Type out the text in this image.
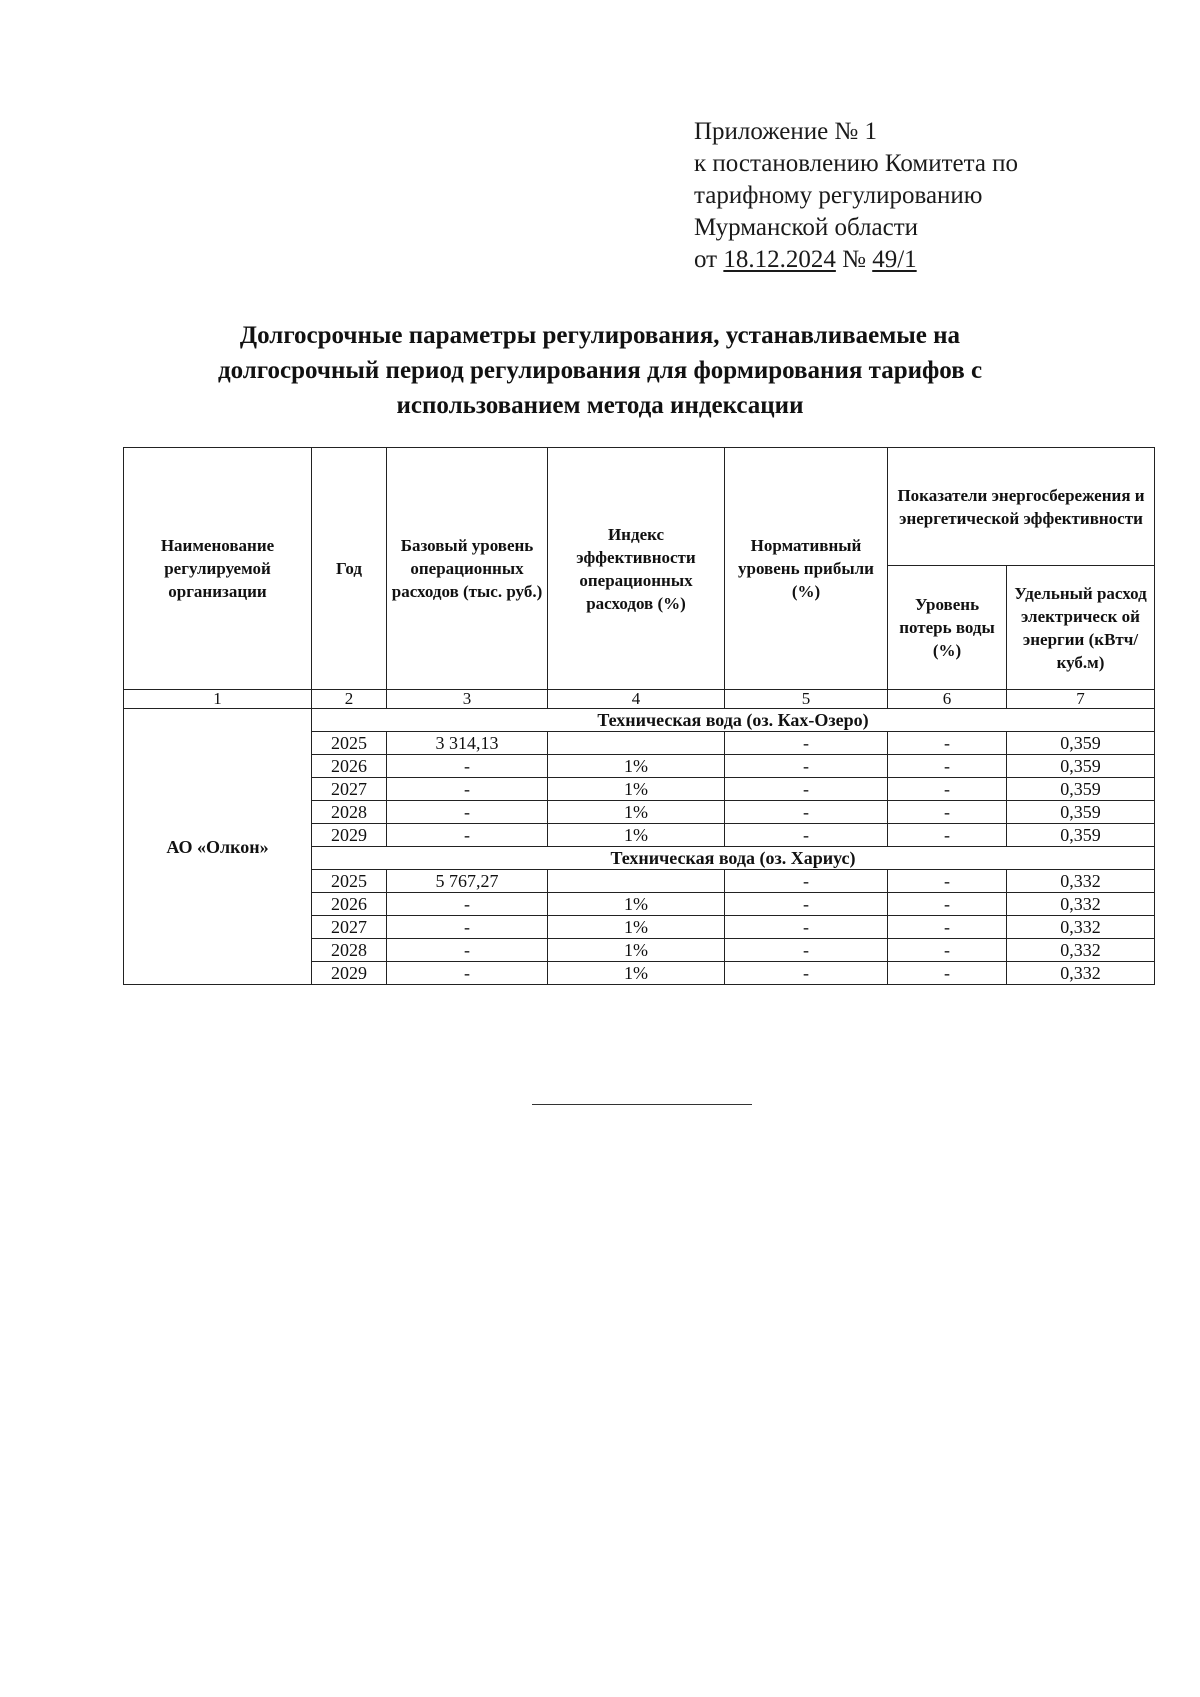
Приложение № 1
к постановлению Комитета по
тарифному регулированию
Мурманской области
от 18.12.2024 № 49/1
Долгосрочные параметры регулирования, устанавливаемые на
долгосрочный период регулирования для формирования тарифов с
использованием метода индексации
Наименование регулируемой организации	Год	Базовый уровень операционных расходов (тыс. руб.)	Индекс эффективности операционных расходов (%)	Нормативный уровень прибыли (%)	Показатели энергосбережения и энергетической эффективности	
					Уровень потерь воды (%)	Удельный расход электрическ ой энергии (кВтч/куб.м)
1	2	3	4	5	6	7
АО «Олкон»	Техническая вода (оз. Ках-Озеро)					
	2025	3 314,13		-	-	0,359
	2026	-	1%	-	-	0,359
	2027	-	1%	-	-	0,359
	2028	-	1%	-	-	0,359
	2029	-	1%	-	-	0,359
	Техническая вода (оз. Хариус)					
	2025	5 767,27		-	-	0,332
	2026	-	1%	-	-	0,332
	2027	-	1%	-	-	0,332
	2028	-	1%	-	-	0,332
	2029	-	1%	-	-	0,332
